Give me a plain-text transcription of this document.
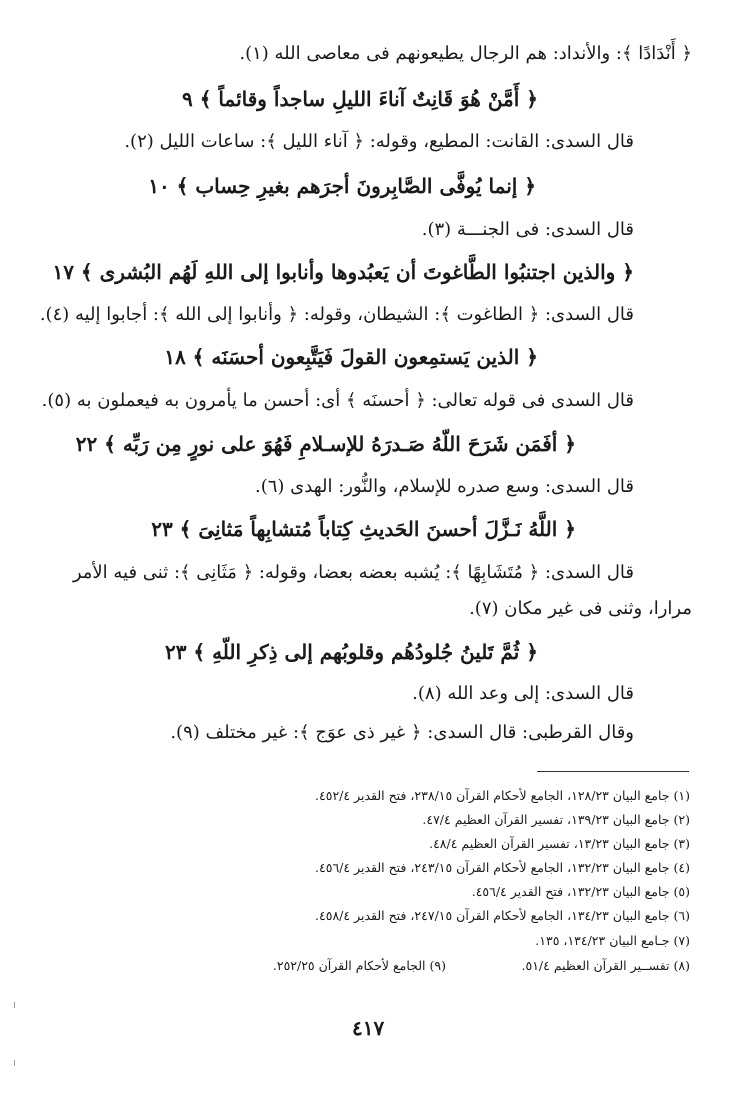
﴿ أَنْدَادًا ﴾: والأنداد: هم الرجال يطيعونهم فى معاصى الله (١).
﴿ أَمَّنْ هُوَ قَانِتٌ آناءَ الليلِ ساجداً وقائماً ﴾ ٩
قال السدى: القانت: المطيع، وقوله: ﴿ آناء الليل ﴾: ساعات الليل (٢).
﴿ إنما يُوفَّى الصَّابِرونَ أجرَهم بغيرِ حِساب ﴾ ١٠
قال السدى: فى الجنـــة (٣).
﴿ والذين اجتنبُوا الطَّاغوتَ أن يَعبُدوها وأنابوا إلى اللهِ لَهُم البُشرى ﴾ ١٧
قال السدى: ﴿ الطاغوت ﴾: الشيطان، وقوله: ﴿ وأنابوا إلى الله ﴾: أجابوا إليه (٤).
﴿ الذين يَستمِعون القولَ فَيَتَّبِعون أحسَنَه ﴾ ١٨
قال السدى فى قوله تعالى: ﴿ أحسنَه ﴾ أى: أحسن ما يأمرون به فيعملون به (٥).
﴿ أفَمَن شَرَحَ اللّهُ صَـدرَهُ للإسـلامِ فَهُوَ على نورٍ مِن رَبِّه ﴾ ٢٢
قال السدى: وسع صدره للإسلام، والنُّور: الهدى (٦).
﴿ اللَّهُ نَـزَّلَ أحسنَ الحَديثِ كِتاباً مُتشابِهاً مَثانِىَ ﴾ ٢٣
قال السدى: ﴿ مُتَشَابِهًا ﴾: يُشبه بعضه بعضا، وقوله: ﴿ مَثَانِى ﴾: ثنى فيه الأمر
مرارا، وثنى فى غير مكان (٧).
﴿ ثُمَّ تَلينُ جُلودُهُم وقلوبُهم إلى ذِكرِ اللّهِ ﴾ ٢٣
قال السدى: إلى وعد الله (٨).
وقال القرطبى: قال السدى: ﴿ غير ذى عوَج ﴾: غير مختلف (٩).
(١) جامع البيان ١٢٨/٢٣، الجامع لأحكام القرآن ٢٣٨/١٥، فتح القدير ٤٥٢/٤.
(٢) جامع البيان ١٣٩/٢٣، تفسير القرآن العظيم ٤٧/٤.
(٣) جامع البيان ١٣/٢٣، تفسير القرآن العظيم ٤٨/٤.
(٤) جامع البيان ١٣٢/٢٣، الجامع لأحكام القرآن ٢٤٣/١٥، فتح القدير ٤٥٦/٤.
(٥) جامع البيان ١٣٢/٢٣، فتح القدير ٤٥٦/٤.
(٦) جامع البيان ١٣٤/٢٣، الجامع لأحكام القرآن ٢٤٧/١٥، فتح القدير ٤٥٨/٤.
(٧) جـامع البيان ١٣٤/٢٣، ١٣٥.
(٨) تفســير القرآن العظيم ٥١/٤.
(٩) الجامع لأحكام القرآن ٢٥٢/٢٥.
٤١٧
